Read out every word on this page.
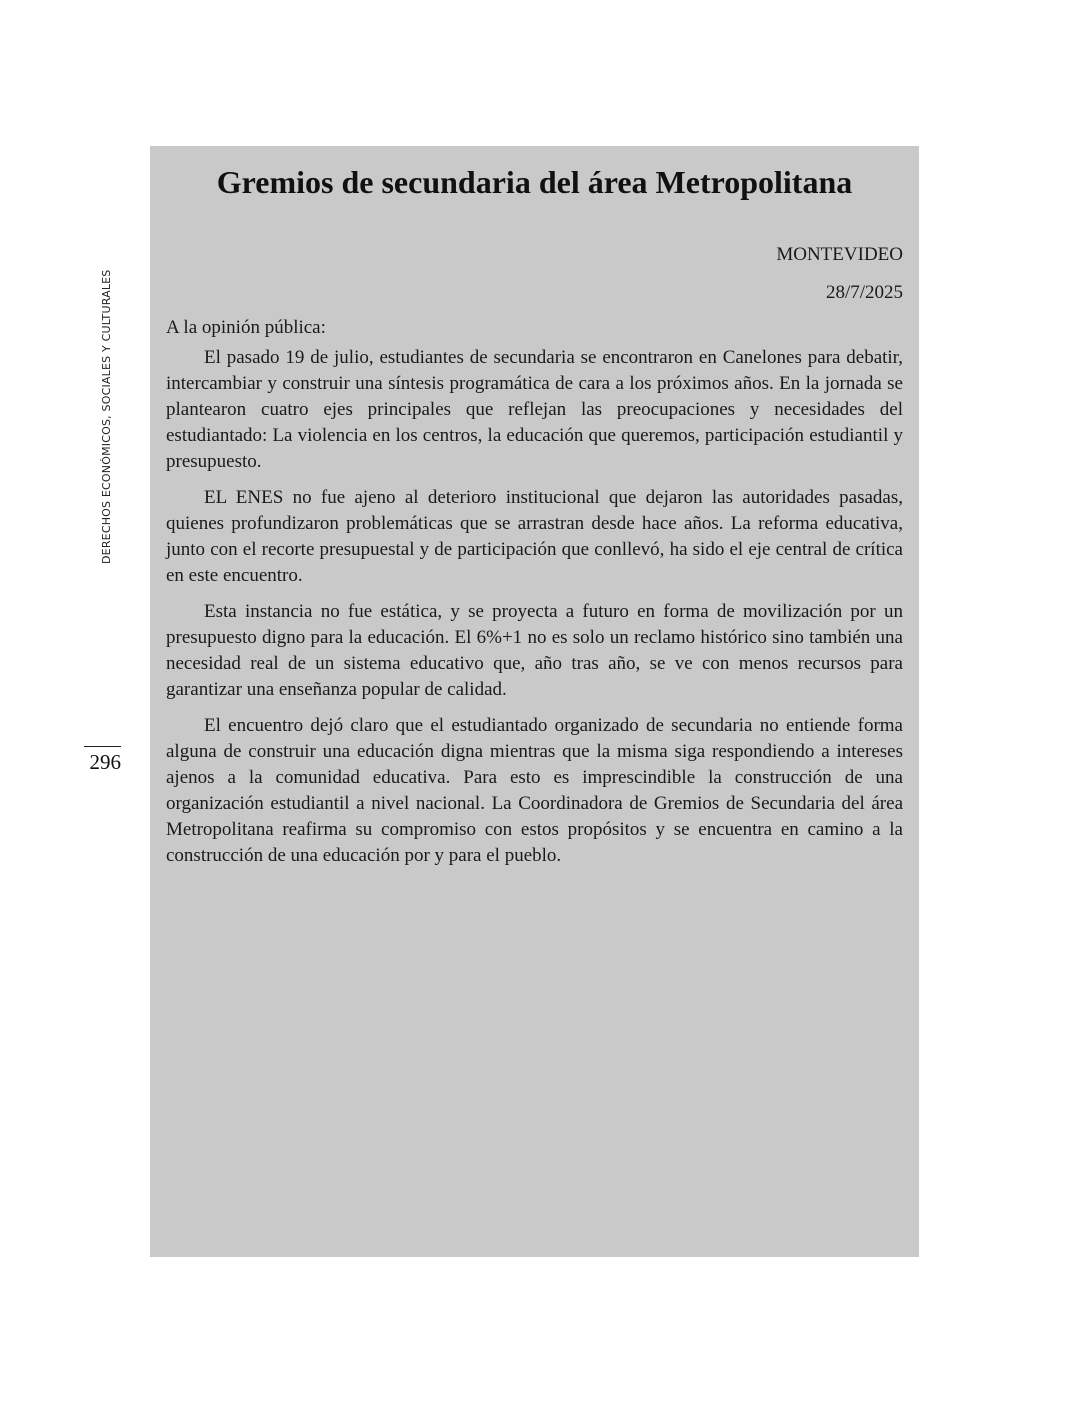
DERECHOS ECONÓMICOS, SOCIALES Y CULTURALES
296
Gremios de secundaria del área Metropolitana
MONTEVIDEO
28/7/2025

A la opinión pública:

El pasado 19 de julio, estudiantes de secundaria se encontraron en Canelones para debatir, intercambiar y construir una síntesis programática de cara a los próximos años. En la jornada se plantearon cuatro ejes principales que reflejan las preocupaciones y necesidades del estudiantado: La violencia en los centros, la educación que queremos, participación estudiantil y presupuesto.

EL ENES no fue ajeno al deterioro institucional que dejaron las autoridades pasadas, quienes profundizaron problemáticas que se arrastran desde hace años. La reforma educativa, junto con el recorte presupuestal y de participación que conllevó, ha sido el eje central de crítica en este encuentro.

Esta instancia no fue estática, y se proyecta a futuro en forma de movilización por un presupuesto digno para la educación. El 6%+1 no es solo un reclamo histórico sino también una necesidad real de un sistema educativo que, año tras año, se ve con menos recursos para garantizar una enseñanza popular de calidad.

El encuentro dejó claro que el estudiantado organizado de secundaria no entiende forma alguna de construir una educación digna mientras que la misma siga respondiendo a intereses ajenos a la comunidad educativa. Para esto es imprescindible la construcción de una organización estudiantil a nivel nacional. La Coordinadora de Gremios de Secundaria del área Metropolitana reafirma su compromiso con estos propósitos y se encuentra en camino a la construcción de una educación por y para el pueblo.
